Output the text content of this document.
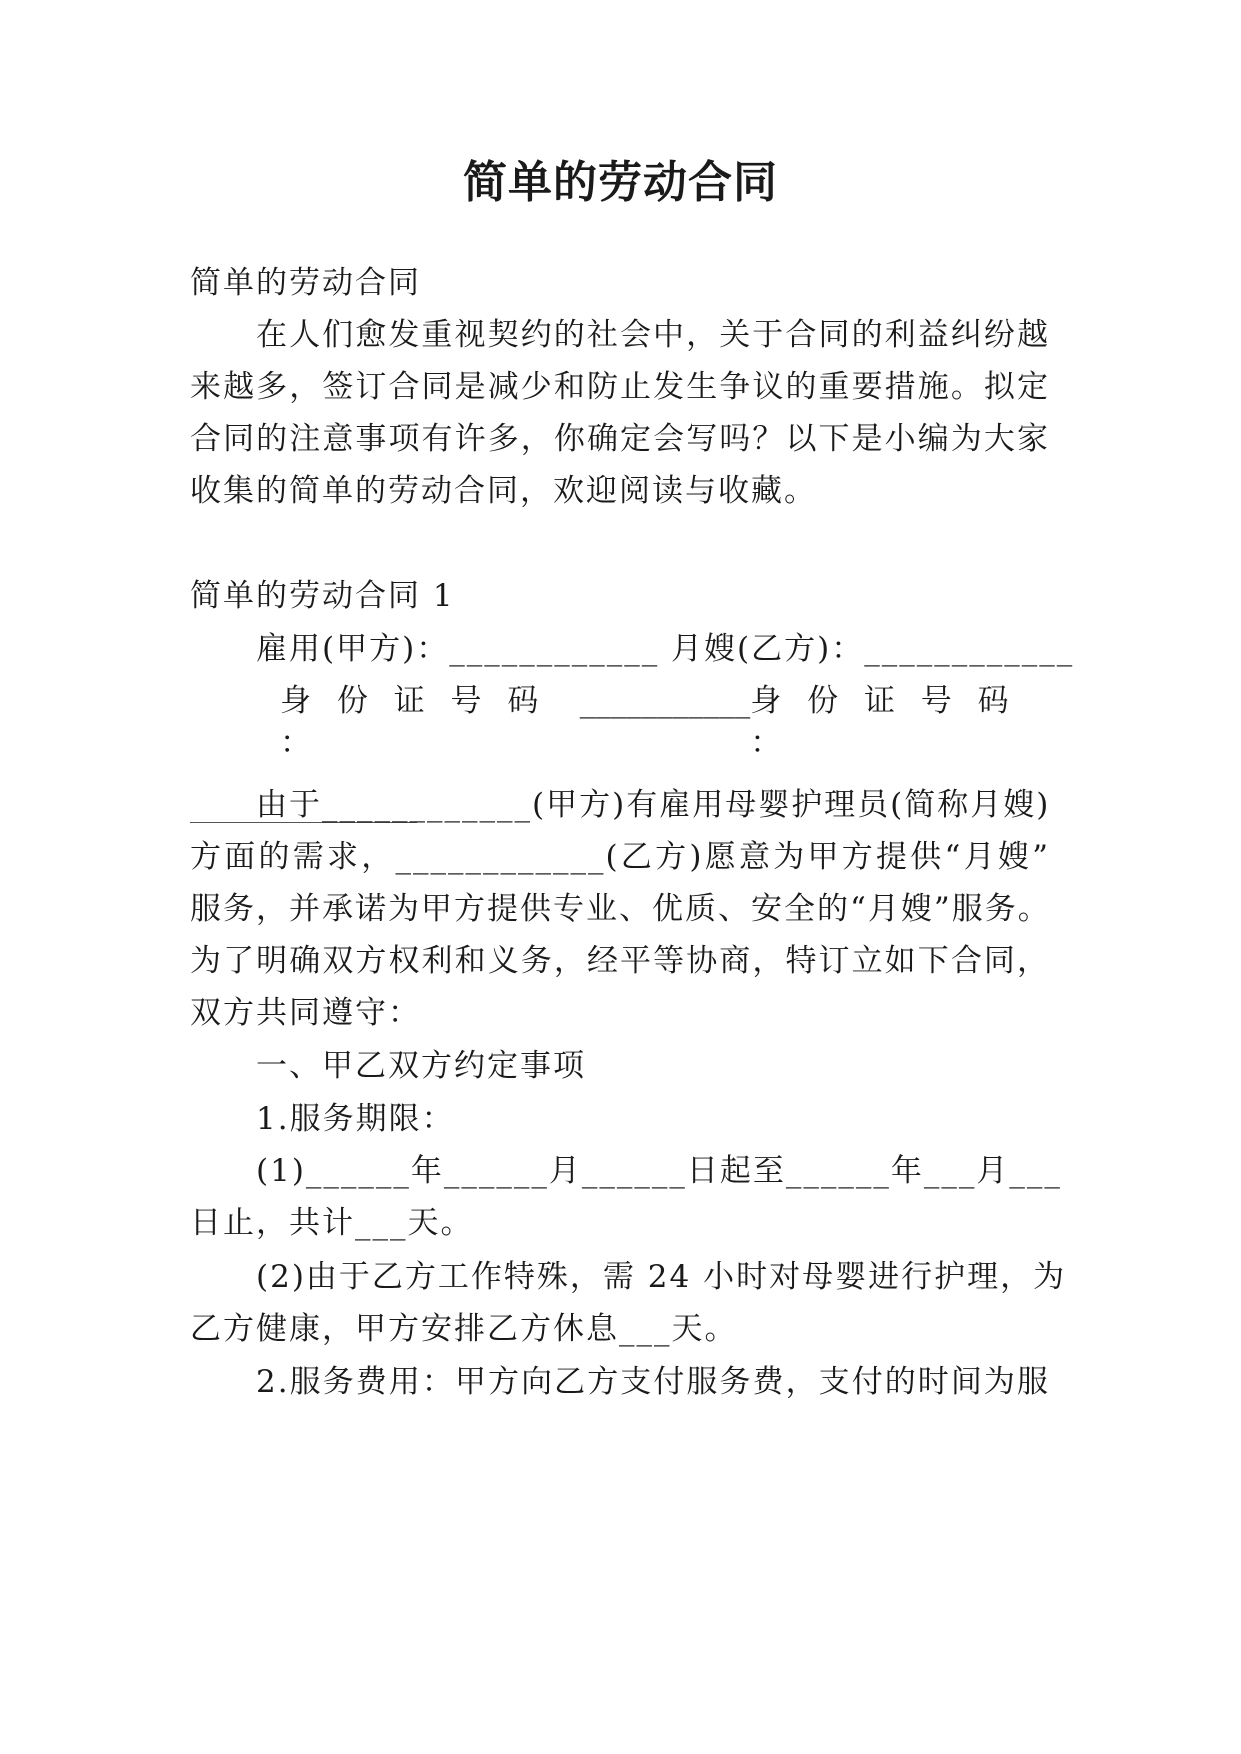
简单的劳动合同
简单的劳动合同
在人们愈发重视契约的社会中，关于合同的利益纠纷越
来越多，签订合同是减少和防止发生争议的重要措施。拟定
合同的注意事项有许多，你确定会写吗？以下是小编为大家
收集的简单的劳动合同，欢迎阅读与收藏。
简单的劳动合同 1
雇用(甲方)：____________ 月嫂(乙方)：____________
身 份 证 号 码 ：
___________ 身 份 证 号 码 ：
由于____________(甲方)有雇用母婴护理员(简称月嫂)
方面的需求，____________(乙方)愿意为甲方提供“月嫂”
服务，并承诺为甲方提供专业、优质、安全的“月嫂”服务。
为了明确双方权利和义务，经平等协商，特订立如下合同，
双方共同遵守：
一、甲乙双方约定事项
1.服务期限：
(1)______年______月______日起至______年___月___
日止，共计___天。
(2)由于乙方工作特殊，需 24 小时对母婴进行护理，为
乙方健康，甲方安排乙方休息___天。
2.服务费用：甲方向乙方支付服务费，支付的时间为服
